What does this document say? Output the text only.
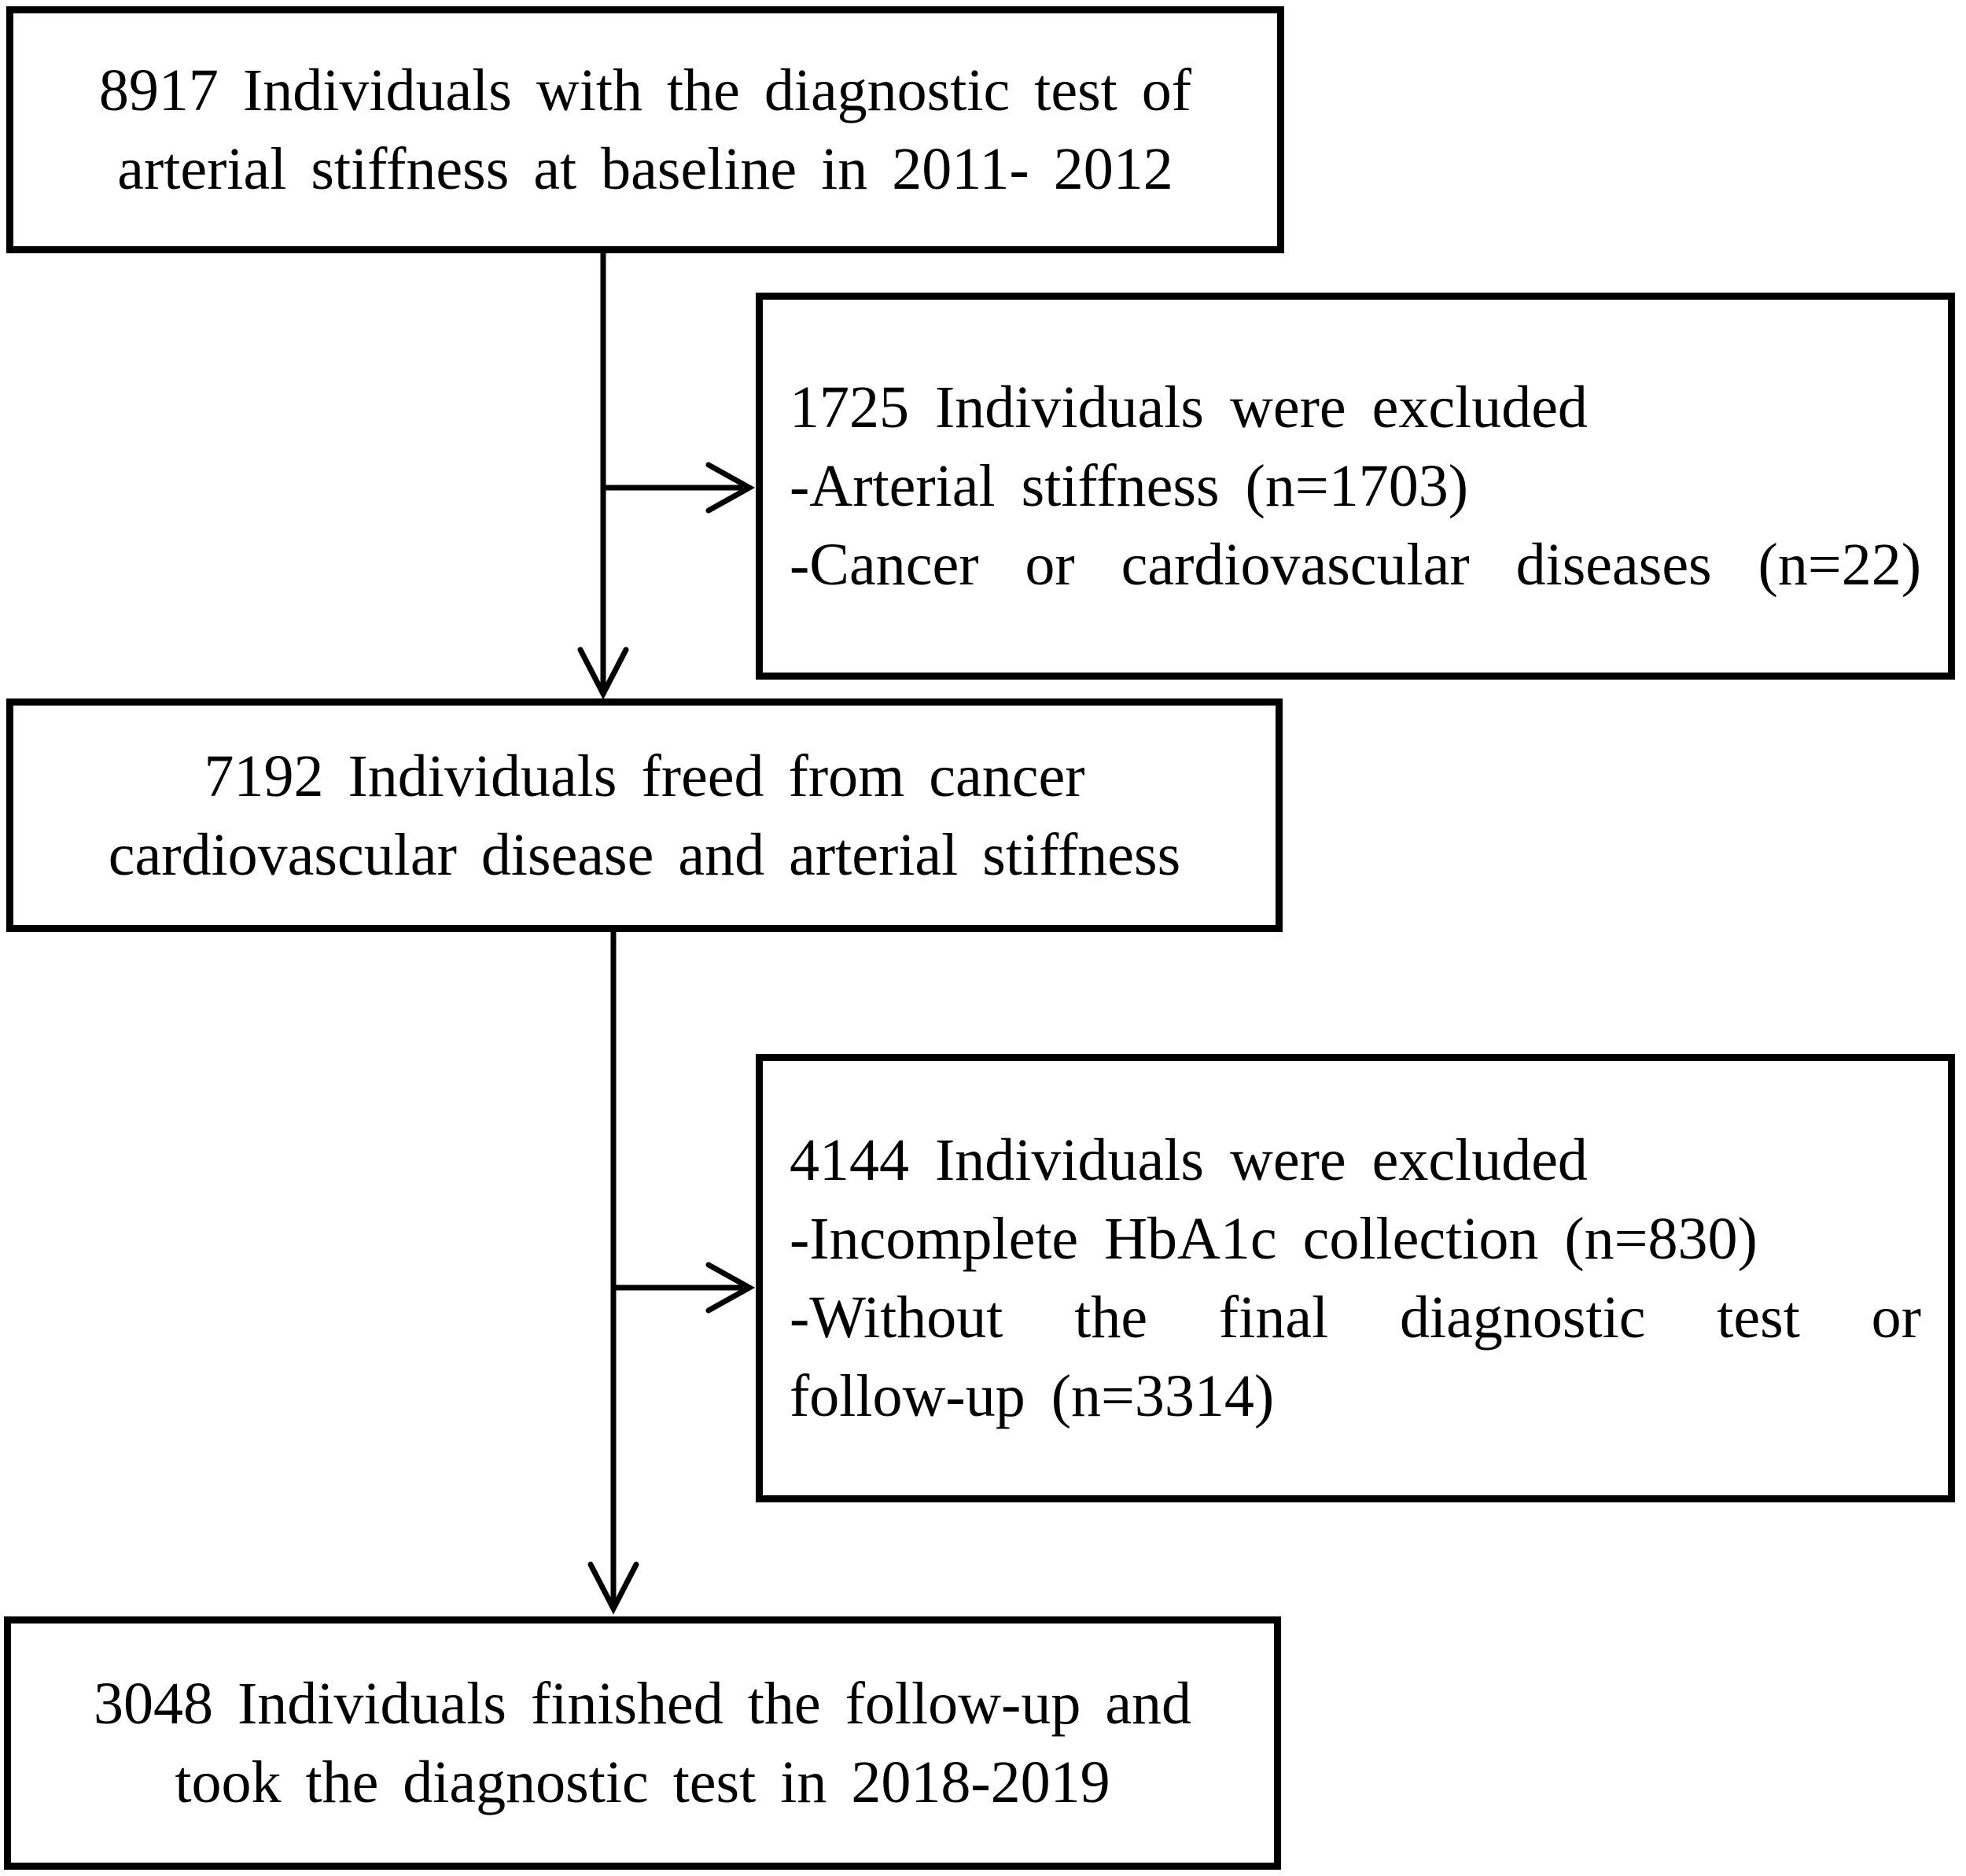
8917 Individuals with the diagnostic test of
arterial stiffness at baseline in 2011- 2012
1725 Individuals were excluded
-Arterial stiffness (n=1703)
-Cancer or cardiovascular diseases (n=22)
7192 Individuals freed from cancer
cardiovascular disease and arterial stiffness
4144 Individuals were excluded
-Incomplete HbA1c collection (n=830)
-Without the final diagnostic test or
follow-up (n=3314)
3048 Individuals finished the follow-up and
took the diagnostic test in 2018-2019
